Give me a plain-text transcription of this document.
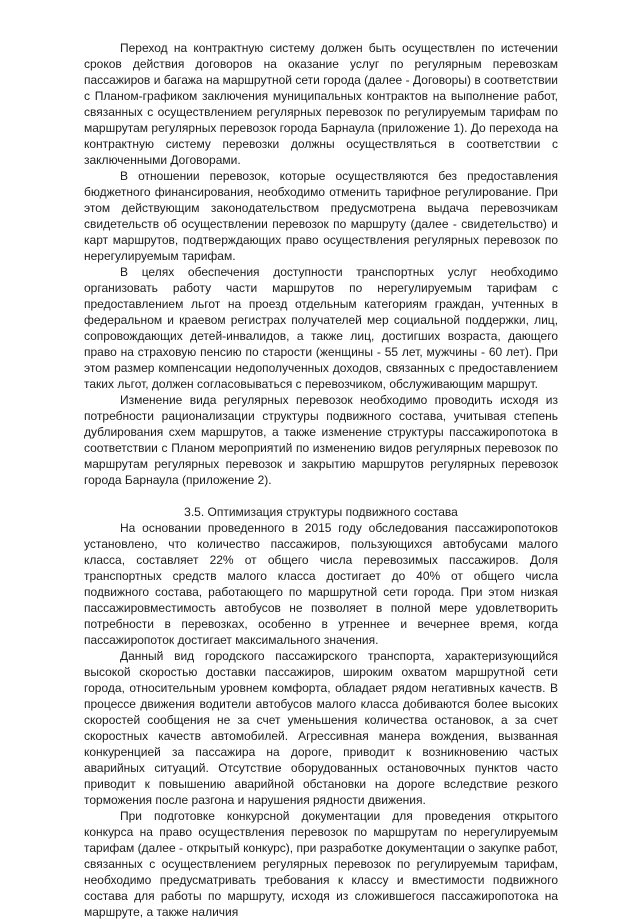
Переход на контрактную систему должен быть осуществлен по истечении сроков действия договоров на оказание услуг по регулярным перевозкам пассажиров и багажа на маршрутной сети города (далее - Договоры) в соответствии с Планом-графиком заключения муниципальных контрактов на выполнение работ, связанных с осуществлением регулярных перевозок по регулируемым тарифам по маршрутам регулярных перевозок города Барнаула (приложение 1). До перехода на контрактную систему перевозки должны осуществляться в соответствии с заключенными Договорами.

В отношении перевозок, которые осуществляются без предоставления бюджетного финансирования, необходимо отменить тарифное регулирование. При этом действующим законодательством предусмотрена выдача перевозчикам свидетельств об осуществлении перевозок по маршруту (далее - свидетельство) и карт маршрутов, подтверждающих право осуществления регулярных перевозок по нерегулируемым тарифам.

В целях обеспечения доступности транспортных услуг необходимо организовать работу части маршрутов по нерегулируемым тарифам с предоставлением льгот на проезд отдельным категориям граждан, учтенных в федеральном и краевом регистрах получателей мер социальной поддержки, лиц, сопровождающих детей-инвалидов, а также лиц, достигших возраста, дающего право на страховую пенсию по старости (женщины - 55 лет, мужчины - 60 лет). При этом размер компенсации недополученных доходов, связанных с предоставлением таких льгот, должен согласовываться с перевозчиком, обслуживающим маршрут.

Изменение вида регулярных перевозок необходимо проводить исходя из потребности рационализации структуры подвижного состава, учитывая степень дублирования схем маршрутов, а также изменение структуры пассажиропотока в соответствии с Планом мероприятий по изменению видов регулярных перевозок по маршрутам регулярных перевозок и закрытию маршрутов регулярных перевозок города Барнаула (приложение 2).

3.5. Оптимизация структуры подвижного состава

На основании проведенного в 2015 году обследования пассажиропотоков установлено, что количество пассажиров, пользующихся автобусами малого класса, составляет 22% от общего числа перевозимых пассажиров. Доля транспортных средств малого класса достигает до 40% от общего числа подвижного состава, работающего по маршрутной сети города. При этом низкая пассажировместимость автобусов не позволяет в полной мере удовлетворить потребности в перевозках, особенно в утреннее и вечернее время, когда пассажиропоток достигает максимального значения.

Данный вид городского пассажирского транспорта, характеризующийся высокой скоростью доставки пассажиров, широким охватом маршрутной сети города, относительным уровнем комфорта, обладает рядом негативных качеств. В процессе движения водители автобусов малого класса добиваются более высоких скоростей сообщения не за счет уменьшения количества остановок, а за счет скоростных качеств автомобилей. Агрессивная манера вождения, вызванная конкуренцией за пассажира на дороге, приводит к возникновению частых аварийных ситуаций. Отсутствие оборудованных остановочных пунктов часто приводит к повышению аварийной обстановки на дороге вследствие резкого торможения после разгона и нарушения рядности движения.

При подготовке конкурсной документации для проведения открытого конкурса на право осуществления перевозок по маршрутам по нерегулируемым тарифам (далее - открытый конкурс), при разработке документации о закупке работ, связанных с осуществлением регулярных перевозок по регулируемым тарифам, необходимо предусматривать требования к классу и вместимости подвижного состава для работы по маршруту, исходя из сложившегося пассажиропотока на маршруте, а также наличия
